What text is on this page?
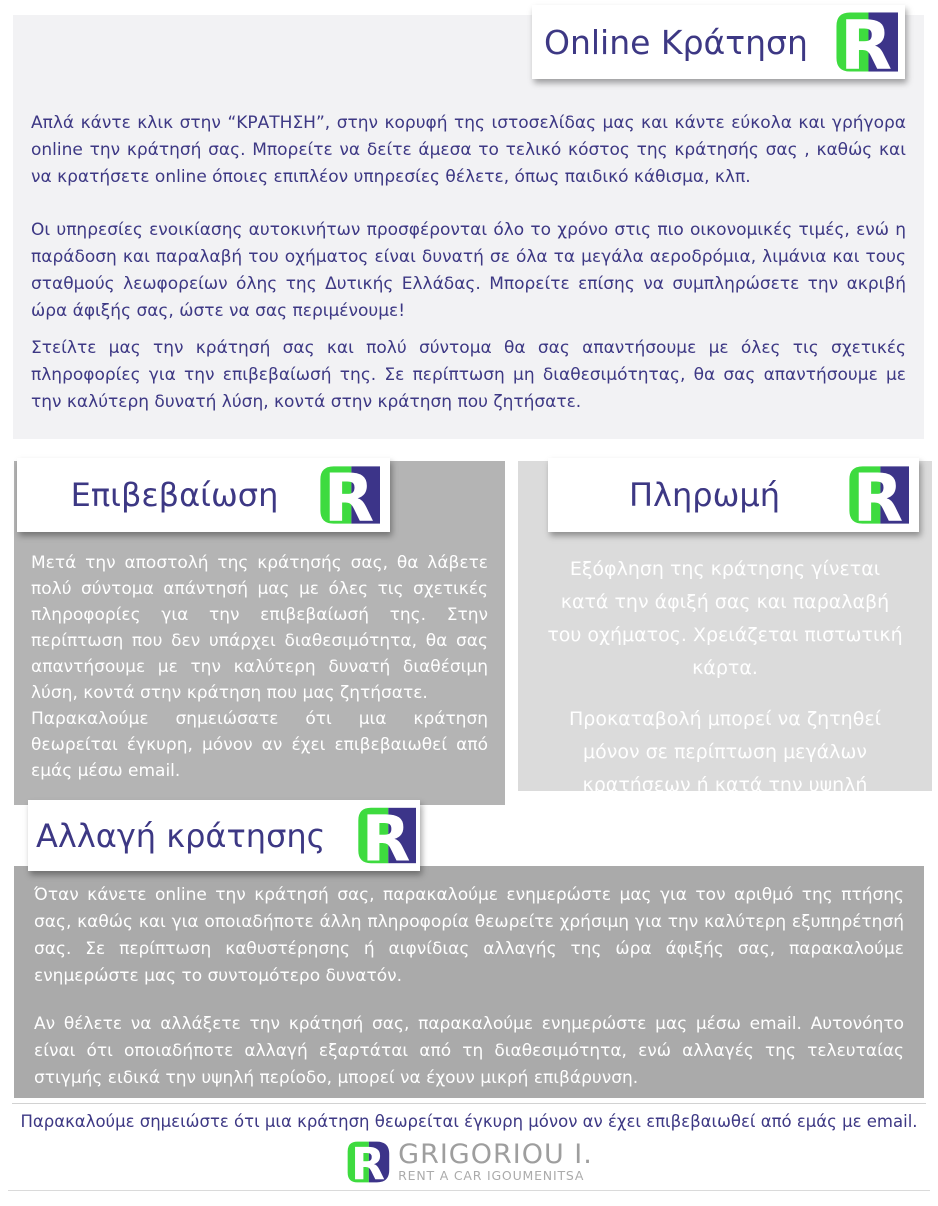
Απλά κάντε κλικ στην “ΚΡΑΤΗΣΗ”, στην κορυφή της ιστοσελίδας μας και κάντε εύκολα και γρήγορα online την κράτησή σας. Μπορείτε να δείτε άμεσα το τελικό κόστος της κράτησής σας , καθώς και να κρατήσετε online όποιες επιπλέον υπηρεσίες θέλετε, όπως παιδικό κάθισμα, κλπ.

Οι υπηρεσίες ενοικίασης αυτοκινήτων προσφέρονται όλο το χρόνο στις πιο οικονομικές τιμές, ενώ η παράδοση και παραλαβή του οχήματος είναι δυνατή σε όλα τα μεγάλα αεροδρόμια, λιμάνια και τους σταθμούς λεωφορείων όλης της Δυτικής Ελλάδας. Μπορείτε επίσης να συμπληρώσετε την ακριβή ώρα άφιξής σας, ώστε να σας περιμένουμε!

Στείλτε μας την κράτησή σας και πολύ σύντομα θα σας απαντήσουμε με όλες τις σχετικές πληροφορίες για την επιβεβαίωσή της. Σε περίπτωση μη διαθεσιμότητας, θα σας απαντήσουμε με την καλύτερη δυνατή λύση, κοντά στην κράτηση που ζητήσατε.

Online Κράτηση R

Μετά την αποστολή της κράτησής σας, θα λάβετε πολύ σύντομα απάντησή μας με όλες τις σχετικές πληροφορίες για την επιβεβαίωσή της. Στην περίπτωση που δεν υπάρχει διαθεσιμότητα, θα σας απαντήσουμε με την καλύτερη δυνατή διαθέσιμη λύση, κοντά στην κράτηση που μας ζητήσατε.

Παρακαλούμε σημειώσατε ότι μια κράτηση θεωρείται έγκυρη, μόνον αν έχει επιβεβαιωθεί από εμάς μέσω email.

Επιβεβαίωση R

Εξόφληση της κράτησης γίνεται κατά την άφιξή σας και παραλαβή του οχήματος. Χρειάζεται πιστωτική κάρτα.

Προκαταβολή μπορεί να ζητηθεί μόνον σε περίπτωση μεγάλων κρατήσεων ή κατά την υψηλή περίοδο.

Πληρωμή R

Όταν κάνετε online την κράτησή σας, παρακαλούμε ενημερώστε μας για τον αριθμό της πτήσης σας, καθώς και για οποιαδήποτε άλλη πληροφορία θεωρείτε χρήσιμη για την καλύτερη εξυπηρέτησή σας. Σε περίπτωση καθυστέρησης ή αιφνίδιας αλλαγής της ώρα άφιξής σας, παρακαλούμε ενημερώστε μας το συντομότερο δυνατόν.

Αν θέλετε να αλλάξετε την κράτησή σας, παρακαλούμε ενημερώστε μας μέσω email. Αυτονόητο είναι ότι οποιαδήποτε αλλαγή εξαρτάται από τη διαθεσιμότητα, ενώ αλλαγές της τελευταίας στιγμής ειδικά την υψηλή περίοδο, μπορεί να έχουν μικρή επιβάρυνση.

Αλλαγή κράτησης R
Παρακαλούμε σημειώστε ότι μια κράτηση θεωρείται έγκυρη μόνον αν έχει επιβεβαιωθεί από εμάς με email.
R GRIGORIOU I.
RENT A CAR IGOUMENITSA
